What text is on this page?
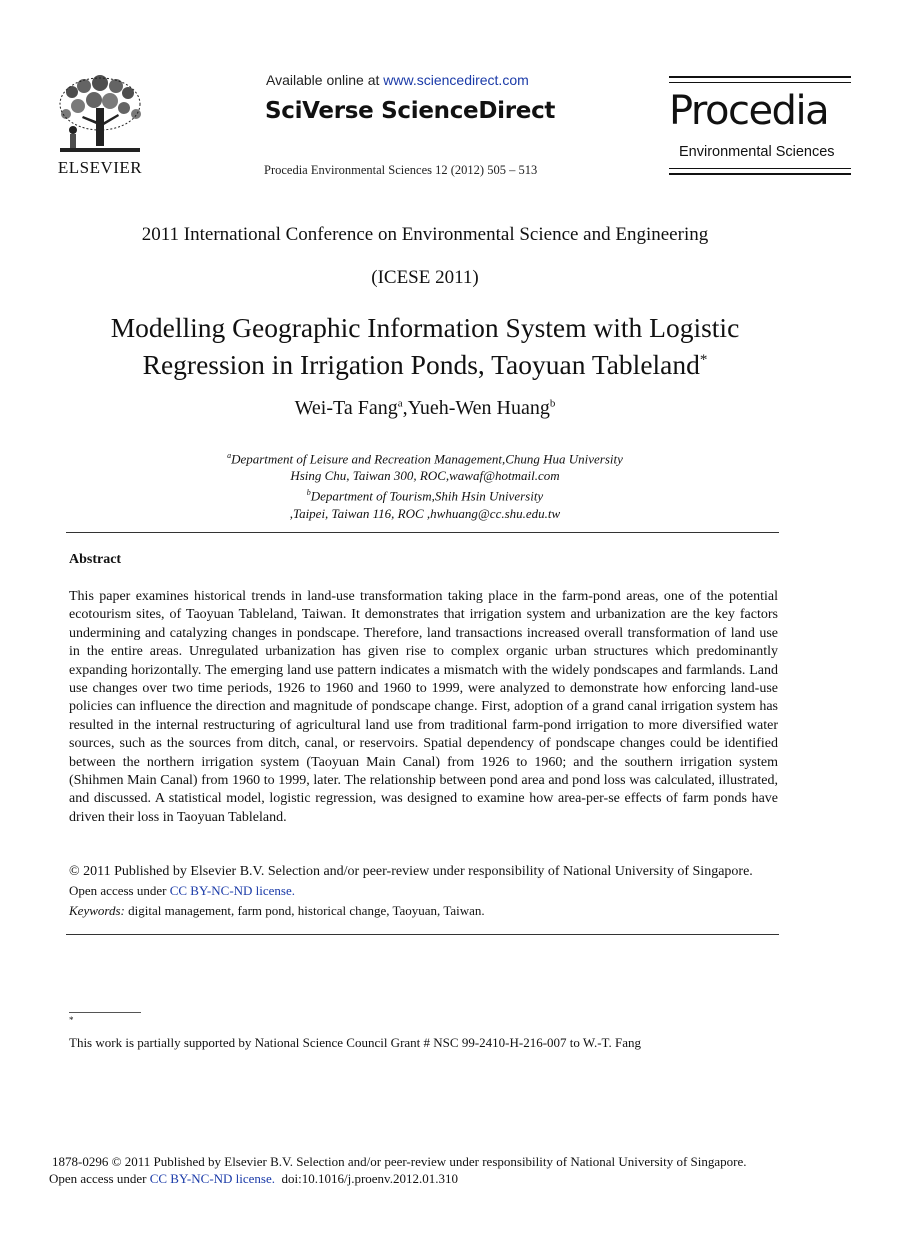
ELSEVIER
Available online at www.sciencedirect.com
SciVerse ScienceDirect
Procedia Environmental Sciences 12 (2012) 505 – 513
Procedia
Environmental Sciences
2011 International Conference on Environmental Science and Engineering
(ICESE 2011)
Modelling Geographic Information System with Logistic
Regression in Irrigation Ponds, Taoyuan Tableland*
Wei-Ta Fang$^a$,Yueh-Wen Huang$^b$
$^a$Department of Leisure and Recreation Management,Chung Hua University
Hsing Chu, Taiwan 300, ROC,wawaf@hotmail.com
$^b$Department of Tourism,Shih Hsin University
,Taipei, Taiwan 116, ROC ,hwhuang@cc.shu.edu.tw
Abstract
This paper examines historical trends in land-use transformation taking place in the farm-pond areas, one of the potential ecotourism sites, of Taoyuan Tableland, Taiwan. It demonstrates that irrigation system and urbanization are the key factors undermining and catalyzing changes in pondscape. Therefore, land transactions increased overall transformation of land use in the entire areas. Unregulated urbanization has given rise to complex organic urban structures which predominantly expanding horizontally. The emerging land use pattern indicates a mismatch with the widely pondscapes and farmlands. Land use changes over two time periods, 1926 to 1960 and 1960 to 1999, were analyzed to demonstrate how enforcing land-use policies can influence the direction and magnitude of pondscape change. First, adoption of a grand canal irrigation system has resulted in the internal restructuring of agricultural land use from traditional farm-pond irrigation to more diversified water sources, such as the sources from ditch, canal, or reservoirs. Spatial dependency of pondscape changes could be identified between the northern irrigation system (Taoyuan Main Canal) from 1926 to 1960; and the southern irrigation system (Shihmen Main Canal) from 1960 to 1999, later. The relationship between pond area and pond loss was calculated, illustrated, and discussed. A statistical model, logistic regression, was designed to examine how area-per-se effects of farm ponds have driven their loss in Taoyuan Tableland.
© 2011 Published by Elsevier B.V. Selection and/or peer-review under responsibility of National University of Singapore.
Open access under CC BY-NC-ND license.
Keywords: digital management, farm pond, historical change, Taoyuan, Taiwan.
*
This work is partially supported by National Science Council Grant # NSC 99-2410-H-216-007 to W.-T. Fang
1878-0296 © 2011 Published by Elsevier B.V. Selection and/or peer-review under responsibility of National University of Singapore.
Open access under CC BY-NC-ND license.  doi:10.1016/j.proenv.2012.01.310
